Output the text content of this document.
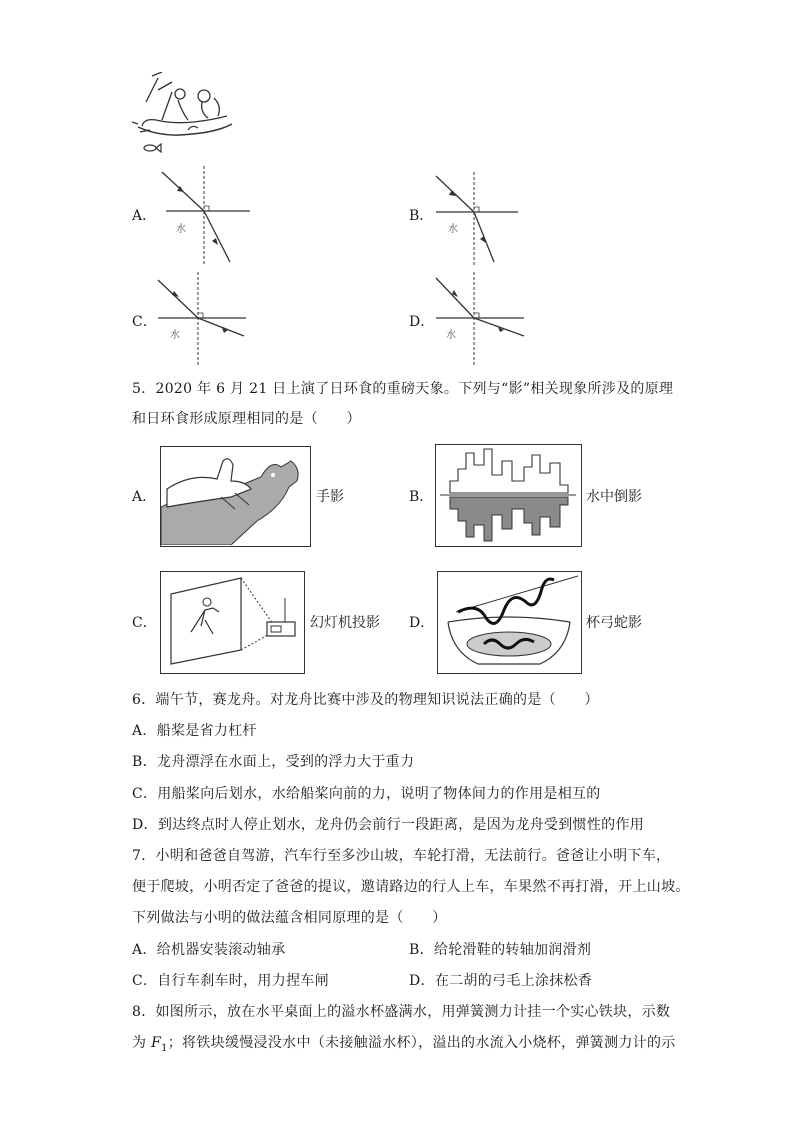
A．
水
B．
水
C．
水
D．
水
5．2020 年 6 月 21 日上演了日环食的重磅天象。下列与“影”相关现象所涉及的原理
和日环食形成原理相同的是（　　）
A．	手影	B．	水中倒影
C．	幻灯机投影 D．	杯弓蛇影
6．端午节，赛龙舟。对龙舟比赛中涉及的物理知识说法正确的是（　　）
A．船桨是省力杠杆
B．龙舟漂浮在水面上，受到的浮力大于重力
C．用船桨向后划水，水给船桨向前的力，说明了物体间力的作用是相互的
D．到达终点时人停止划水，龙舟仍会前行一段距离，是因为龙舟受到惯性的作用
7．小明和爸爸自驾游，汽车行至多沙山坡，车轮打滑，无法前行。爸爸让小明下车，
便于爬坡，小明否定了爸爸的提议，邀请路边的行人上车，车果然不再打滑，开上山坡。
下列做法与小明的做法蕴含相同原理的是（　　）
A．给机器安装滚动轴承	B．给轮滑鞋的转轴加润滑剂
C．自行车刹车时，用力捏车闸	D．在二胡的弓毛上涂抹松香
8．如图所示，放在水平桌面上的溢水杯盛满水，用弹簧测力计挂一个实心铁块，示数
为 $F_1$；将铁块缓慢浸没水中（未接触溢水杯），溢出的水流入小烧杯，弹簧测力计的示
